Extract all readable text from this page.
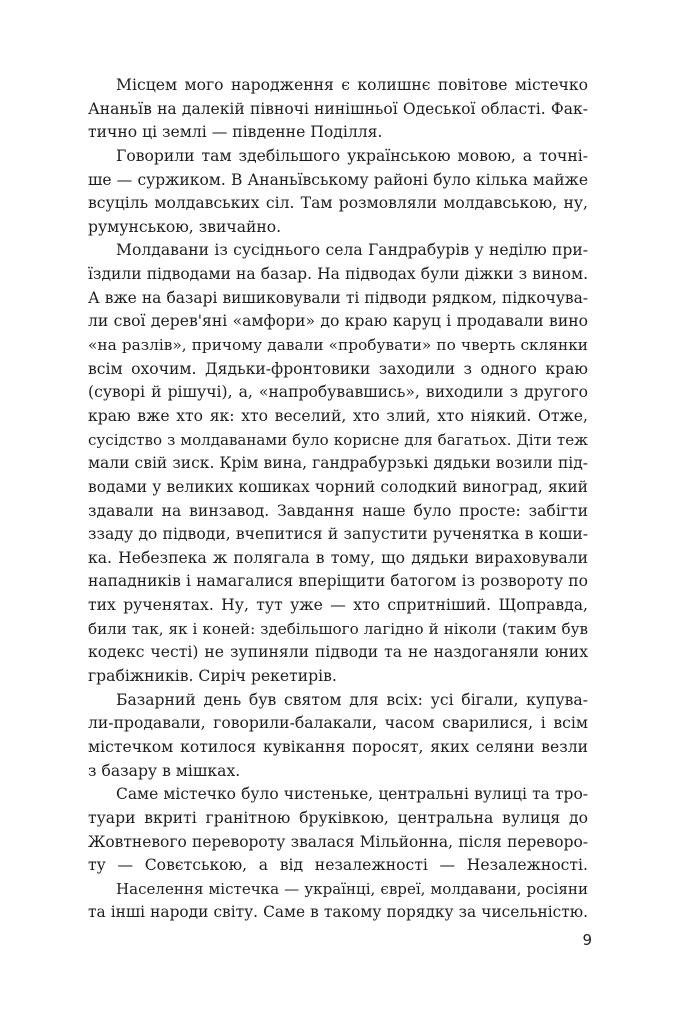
Місцем мого народження є колишнє повітове містечко
Ананьїв на далекій півночі нинішньої Одеської області. Фак-
тично ці землі — південне Поділля.

Говорили там здебільшого українською мовою, а точні-
ше — суржиком. В Ананьївському районі було кілька майже
всуціль молдавських сіл. Там розмовляли молдавською, ну,
румунською, звичайно.

Молдавани із сусіднього села Гандрабурів у неділю при-
їздили підводами на базар. На підводах були діжки з вином.
А вже на базарі вишиковували ті підводи рядком, підкочува-
ли свої дерев'яні «амфори» до краю каруц і продавали вино
«на разлів», причому давали «пробувати» по чверть склянки
всім охочим. Дядьки-фронтовики заходили з одного краю
(суворі й рішучі), а, «напробувавшись», виходили з другого
краю вже хто як: хто веселий, хто злий, хто ніякий. Отже,
сусідство з молдаванами було корисне для багатьох. Діти теж
мали свій зиск. Крім вина, гандрабурзькі дядьки возили під-
водами у великих кошиках чорний солодкий виноград, який
здавали на винзавод. Завдання наше було просте: забігти
ззаду до підводи, вчепитися й запустити рученятка в коши-
ка. Небезпека ж полягала в тому, що дядьки вираховували
нападників і намагалися вперіщити батогом із розвороту по
тих рученятах. Ну, тут уже — хто спритніший. Щоправда,
били так, як і коней: здебільшого лагідно й ніколи (таким був
кодекс честі) не зупиняли підводи та не наздоганяли юних
грабіжників. Сиріч рекетирів.

Базарний день був святом для всіх: усі бігали, купува-
ли-продавали, говорили-балакали, часом сварилися, і всім
містечком котилося кувікання поросят, яких селяни везли
з базару в мішках.

Саме містечко було чистеньке, центральні вулиці та тро-
туари вкриті гранітною бруківкою, центральна вулиця до
Жовтневого перевороту звалася Мільйонна, після переворо-
ту — Совєтською, а від незалежності — Незалежності.

Населення містечка — українці, євреї, молдавани, росіяни
та інші народи світу. Саме в такому порядку за чисельністю.

9
